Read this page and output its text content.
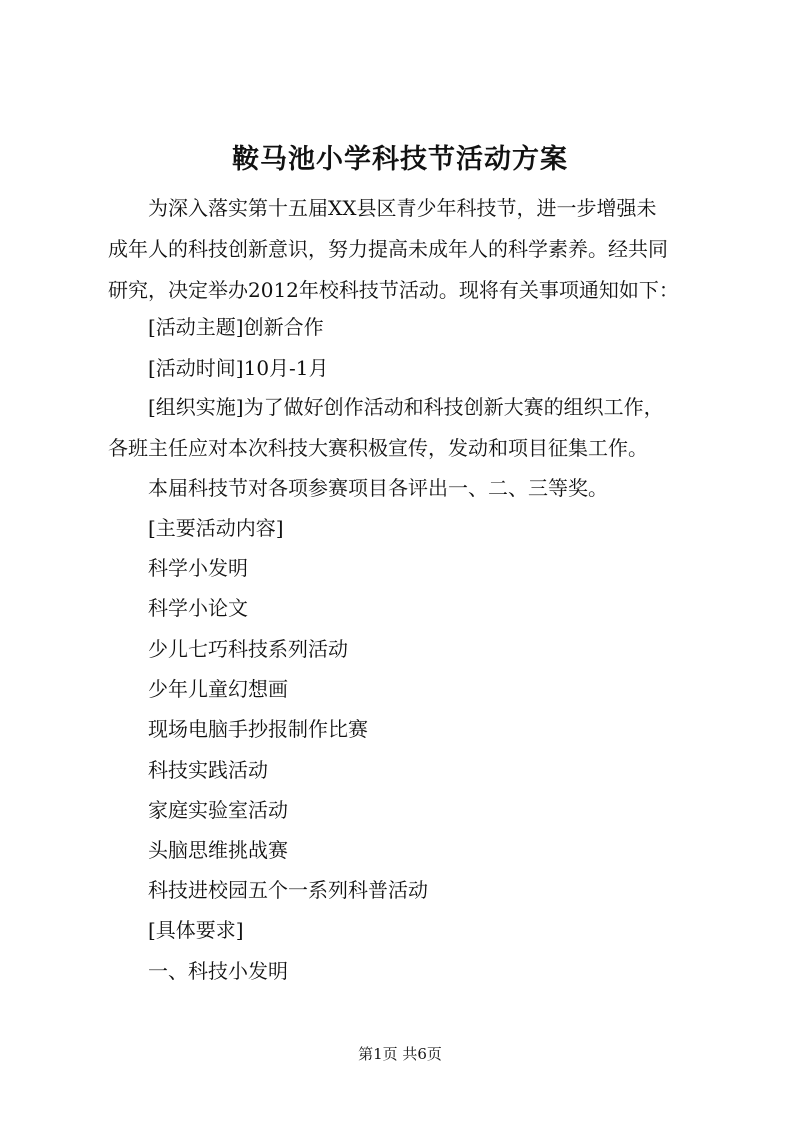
鞍马池小学科技节活动方案
为深入落实第十五届XX县区青少年科技节，进一步增强未
成年人的科技创新意识，努力提高未成年人的科学素养。经共同
研究，决定举办2012年校科技节活动。现将有关事项通知如下：
[活动主题]创新合作
[活动时间]10月-1月
[组织实施]为了做好创作活动和科技创新大赛的组织工作，
各班主任应对本次科技大赛积极宣传，发动和项目征集工作。
本届科技节对各项参赛项目各评出一、二、三等奖。
[主要活动内容]
科学小发明
科学小论文
少儿七巧科技系列活动
少年儿童幻想画
现场电脑手抄报制作比赛
科技实践活动
家庭实验室活动
头脑思维挑战赛
科技进校园五个一系列科普活动
[具体要求]
一、科技小发明
第1页 共6页
